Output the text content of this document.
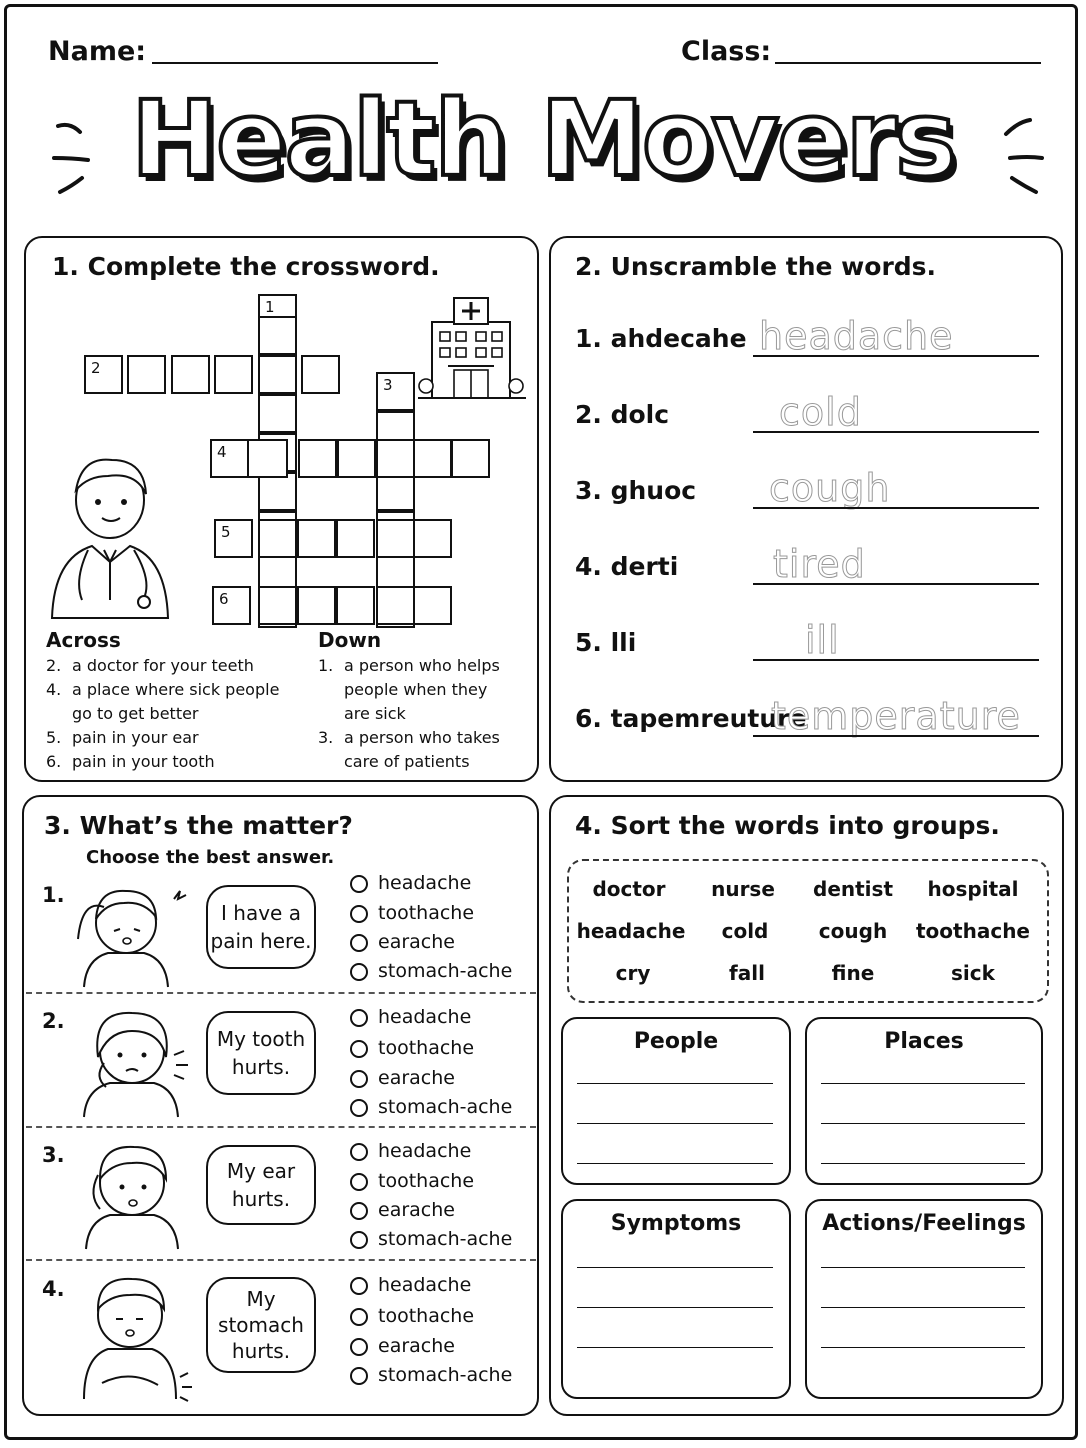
Name:	Class:
Health Movers
1. Complete the crossword.
1
2
3
4
5
6
Across
2. a doctor for your teeth
4. a place where sick people
go to get better
5. pain in your ear
6. pain in your tooth
Down
1. a person who helps
people when they
are sick
3. a person who takes
care of patients
2. Unscramble the words.
1. ahdecahe headache
2. dolc	cold
3. ghuoc cough
4. derti tired
5. lli	ill
6. tapemreuture
temperature
3. What’s the matter?
Choose the best answer.
1.
I have a
pain here.
headache
toothache
earache
stomach-ache
2.
My tooth
hurts.
headache
toothache
earache
stomach-ache
3.
My ear
hurts.
headache
toothache
earache
stomach-ache
4.	My
stomach
hurts.
headache
toothache
earache
stomach-ache
4. Sort the words into groups.
doctor	nurse	dentist	hospital
headache	cold	cough	toothache
cry	fall	fine	sick
People	Places
Symptoms	Actions/Feelings
